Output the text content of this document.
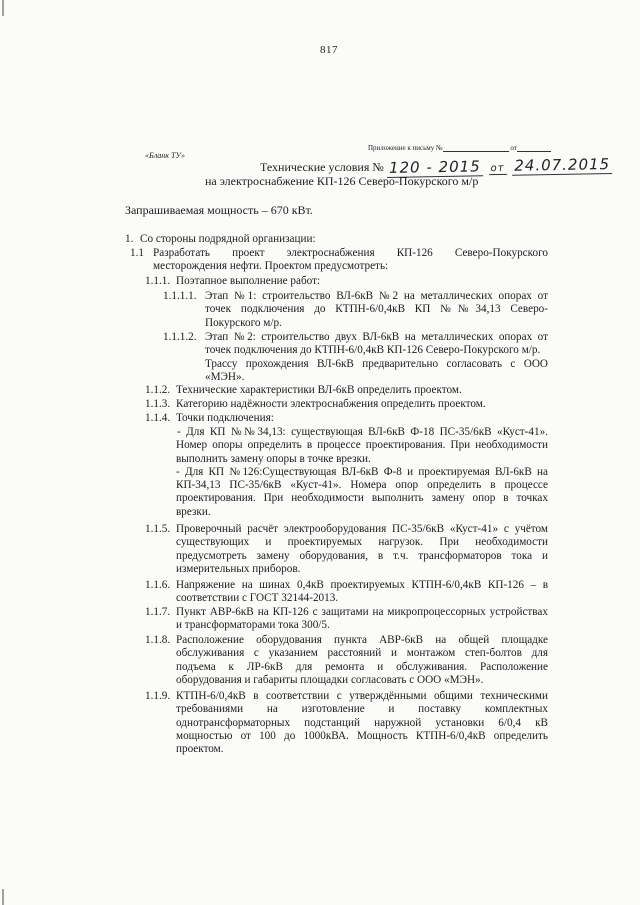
817
Приложение к письму №	от
«Бланк ТУ»
Технические условия № 120 - 2015 от 24.07.2015
на электроснабжение КП-126 Северо-Покурского м/р
Запрашиваемая мощность – 670 кВт.
1. Со стороны подрядной организации:
1.1 Разработать проект электроснабжения КП-126 Северо-Покурского
месторождения нефти. Проектом предусмотреть:
1.1.1. Поэтапное выполнение работ:
1.1.1.1. Этап №1: строительство ВЛ-6кВ №2 на металлических опорах от
точек подключения до КТПН-6/0,4кВ КП №№34,13 Северо-
Покурского м/р.
1.1.1.2. Этап №2: строительство двух ВЛ-6кВ на металлических опорах от
точек подключения до КТПН-6/0,4кВ КП-126 Северо-Покурского м/р.
Трассу прохождения ВЛ-6кВ предварительно согласовать с ООО
«МЭН».
1.1.2. Технические характеристики ВЛ-6кВ определить проектом.
1.1.3. Категорию надёжности электроснабжения определить проектом.
1.1.4. Точки подключения:
- Для КП №№34,13: существующая ВЛ-6кВ Ф-18 ПС-35/6кВ «Куст-41».
Номер опоры определить в процессе проектирования. При необходимости
выполнить замену опоры в точке врезки.
- Для КП №126:Существующая ВЛ-6кВ Ф-8 и проектируемая ВЛ-6кВ на
КП-34,13 ПС-35/6кВ «Куст-41». Номера опор определить в процессе
проектирования. При необходимости выполнить замену опор в точках
врезки.
1.1.5. Проверочный расчёт электрооборудования ПС-35/6кВ «Куст-41» с учётом
существующих и проектируемых нагрузок. При необходимости
предусмотреть замену оборудования, в т.ч. трансформаторов тока и
измерительных приборов.
1.1.6. Напряжение на шинах 0,4кВ проектируемых КТПН-6/0,4кВ КП-126 – в
соответствии с ГОСТ 32144-2013.
1.1.7. Пункт АВР-6кВ на КП-126 с защитами на микропроцессорных устройствах
и трансформаторами тока 300/5.
1.1.8. Расположение оборудования пункта АВР-6кВ на общей площадке
обслуживания с указанием расстояний и монтажом степ-болтов для
подъема к ЛР-6кВ для ремонта и обслуживания. Расположение
оборудования и габариты площадки согласовать с ООО «МЭН».
1.1.9. КТПН-6/0,4кВ в соответствии с утверждёнными общими техническими
требованиями на изготовление и поставку комплектных
однотрансформаторных подстанций наружной установки 6/0,4 кВ
мощностью от 100 до 1000кВА. Мощность КТПН-6/0,4кВ определить
проектом.
